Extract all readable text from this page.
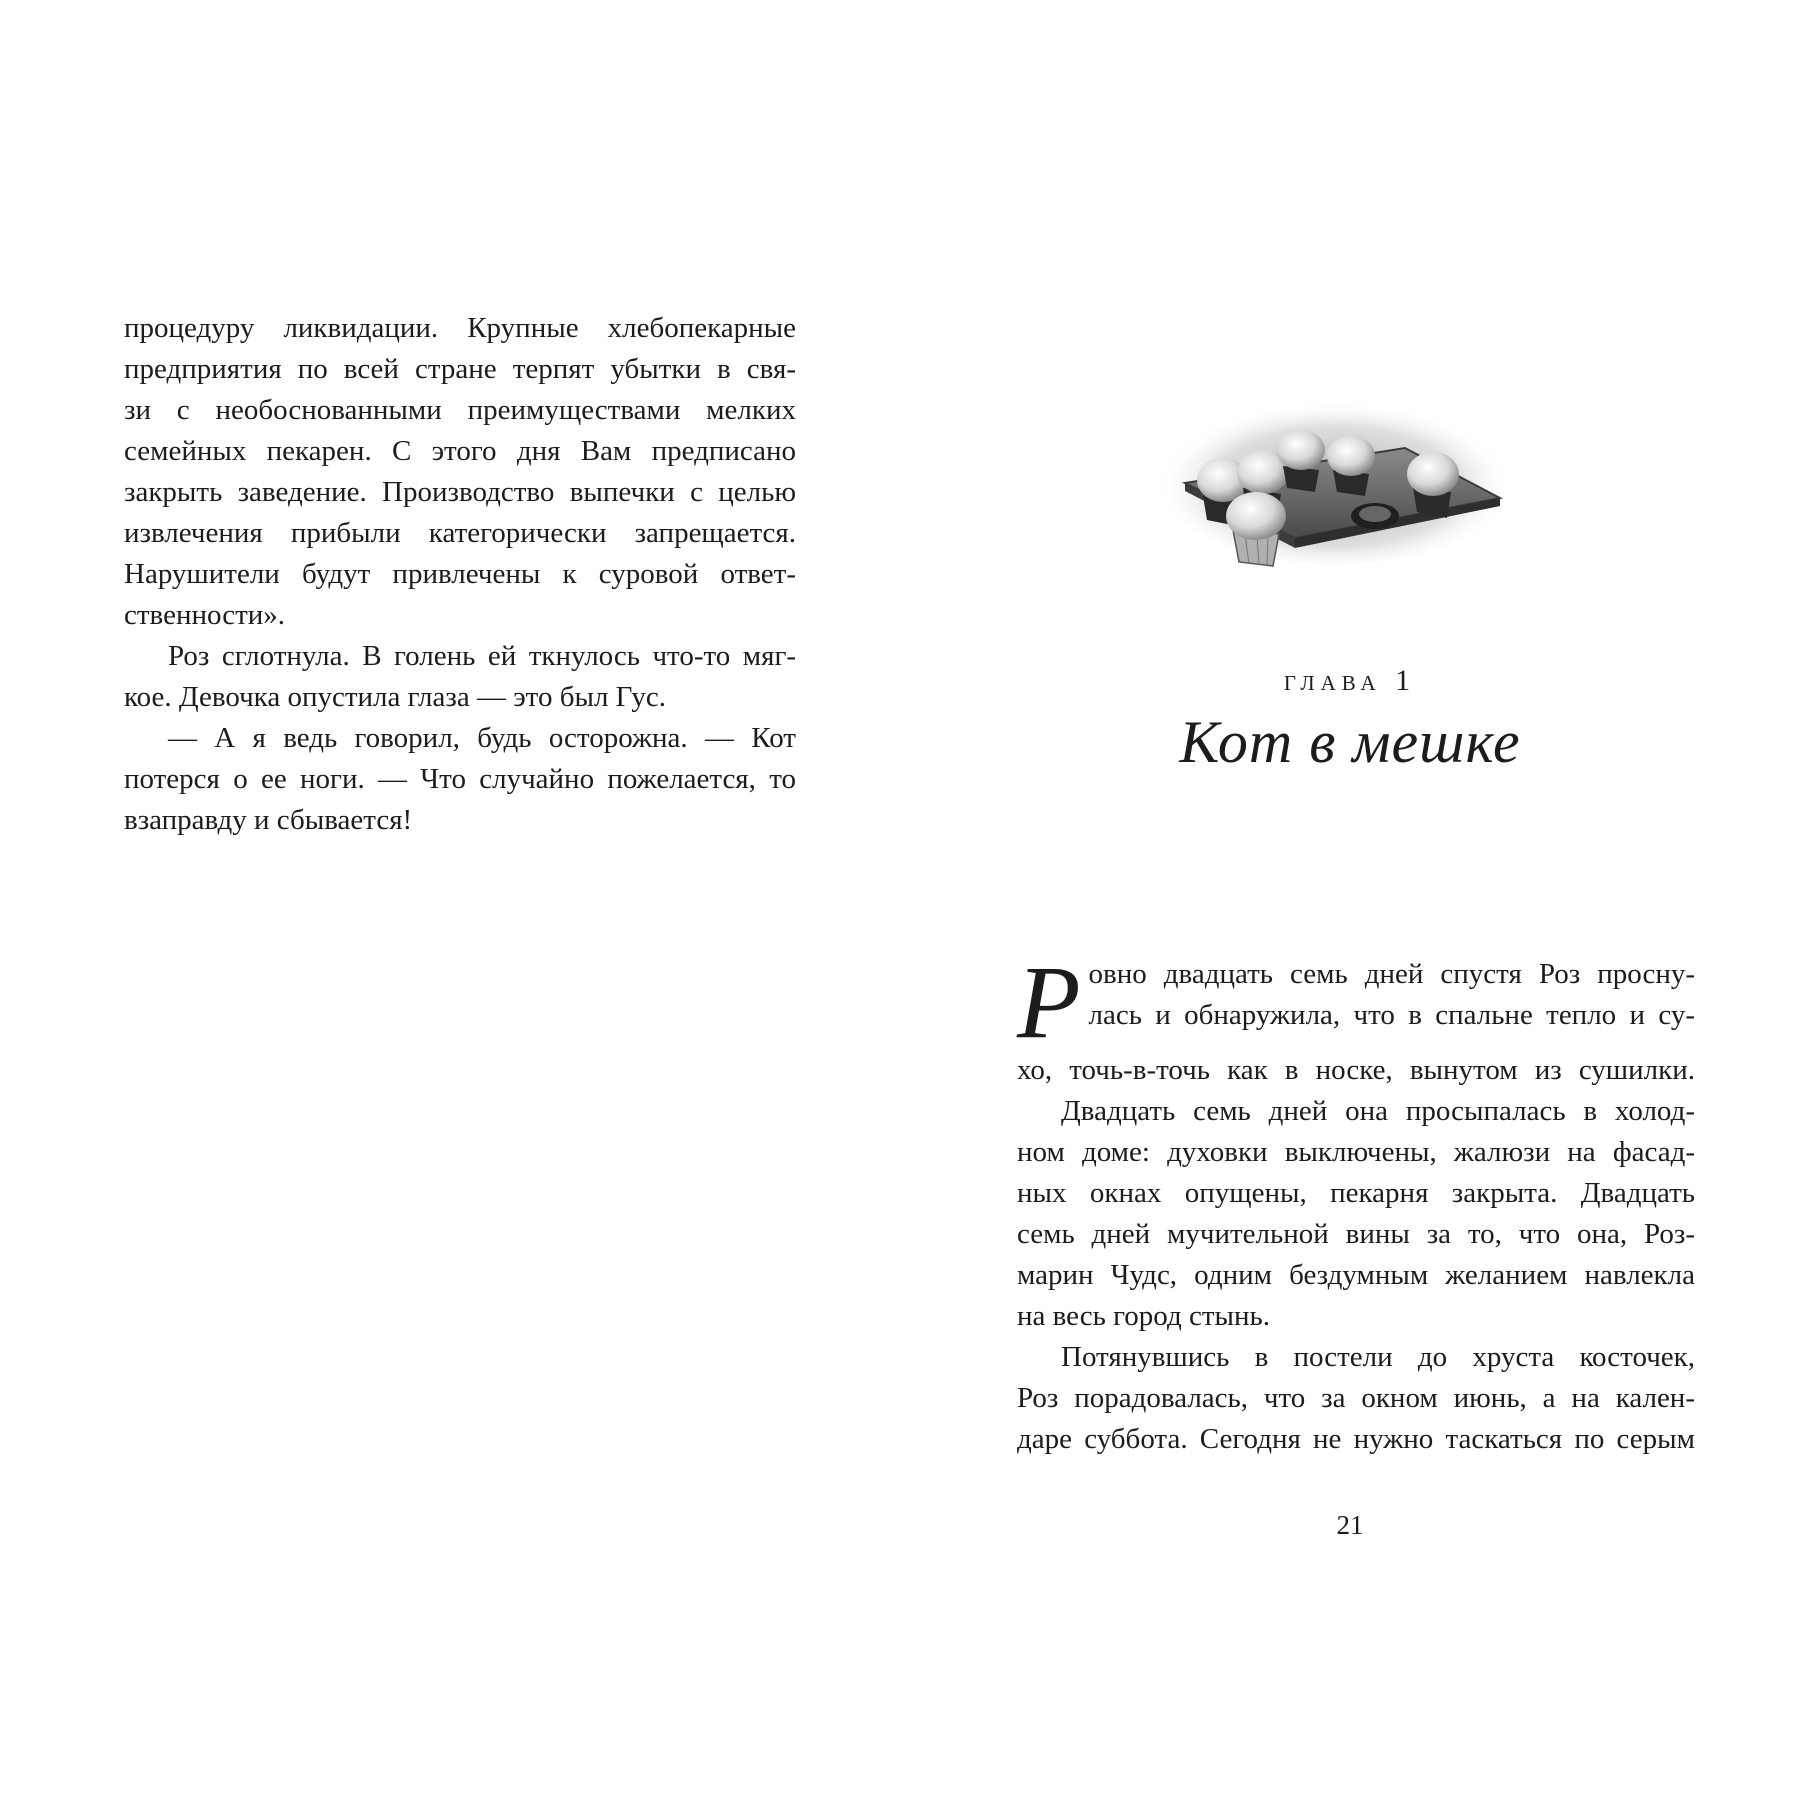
процедуру ликвидации. Крупные хлебопекарные
предприятия по всей стране терпят убытки в свя-
зи с необоснованными преимуществами мелких
семейных пекарен. С этого дня Вам предписано
закрыть заведение. Производство выпечки с целью
извлечения прибыли категорически запрещается.
Нарушители будут привлечены к суровой ответ-
ственности».
Роз сглотнула. В голень ей ткнулось что-то мяг-
кое. Девочка опустила глаза — это был Гус.
— А я ведь говорил, будь осторожна. — Кот
потерся о ее ноги. — Что случайно пожелается, то
взаправду и сбывается!
глава 1
Кот в мешке
Р овно двадцать семь дней спустя Роз просну-
лась и обнаружила, что в спальне тепло и су-
хо, точь-в-точь как в носке, вынутом из сушилки.
Двадцать семь дней она просыпалась в холод-
ном доме: духовки выключены, жалюзи на фасад-
ных окнах опущены, пекарня закрыта. Двадцать
семь дней мучительной вины за то, что она, Роз-
марин Чудс, одним бездумным желанием навлекла
на весь город стынь.
Потянувшись в постели до хруста косточек,
Роз порадовалась, что за окном июнь, а на кален-
даре суббота. Сегодня не нужно таскаться по серым
21
